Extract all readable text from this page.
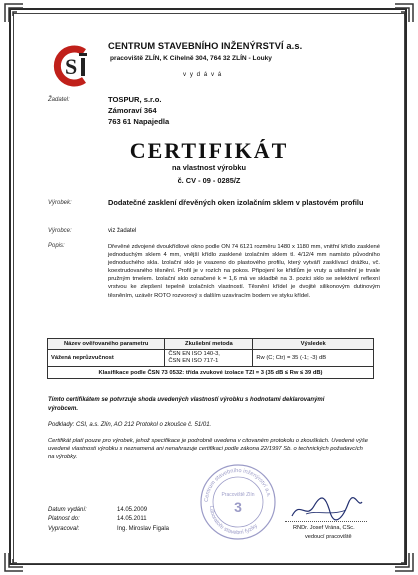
S
CENTRUM STAVEBNÍHO INŽENÝRSTVÍ a.s.
pracoviště ZLÍN, K Cihelně 304, 764 32 ZLÍN - Louky
v y d á v á
Žadatel:	TOSPUR, s.r.o.
Zámoraví 364
763 61 Napajedla
CERTIFIKÁT
na vlastnost výrobku
č. CV - 09 - 0285/Z
Výrobek:	Dodatečné zasklení dřevěných oken izolačním sklem v plastovém profilu
Výrobce:	viz žadatel
Popis:	Dřevěné zdvojené dvoukřídlové okno podle ON 74 6121 rozměru 1480 x 1180 mm, vnitřní křídlo zasklené jednoduchým sklem 4 mm, vnější křídlo zasklené izolačním sklem tl. 4/12/4 mm namísto původního jednoduchého skla. Izolační sklo je vsazeno do plastového profilu, který vytváří zasklívací drážku, vč. koextrudovaného těsnění. Profil je v rozích na pokos. Připojení ke křídlům je vruty a utěsnění je trvale pružným tmelem. Izolační sklo označené k = 1,6 má ve skladbě na 3. pozici sklo se selektivní reflexní vrstvou ke zlepšení tepelně izolačních vlastností. Těsnění křídel je dvojité silikonovým dutinovým těsněním, uzávěr ROTO rozvorový s dalším uzavíracím bodem ve styku křídel.
Název ověřovaného parametru	Zkušební metoda	Výsledek
Vážená neprůzvučnost	ČSN EN ISO 140-3,
ČSN EN ISO 717-1	Rw (C; Ctr) = 35 (-1; -3) dB
Klasifikace podle ČSN 73 0532: třída zvukové izolace TZI = 3 (35 dB ≤ Rw ≤ 39 dB)		
Tímto certifikátem se potvrzuje shoda uvedených vlastností výrobku s hodnotami deklarovanými výrobcem.
Podklady: CSI, a.s. Zlín, AO 212 Protokol o zkoušce č. 51/01.
Certifikát platí pouze pro výrobek, jehož specifikace je podrobně uvedena v citovaném protokolu o zkouškách. Uvedené výše uvedené vlastnosti výrobku s neznamená ani nenahrazuje certifikaci podle zákona 22/1997 Sb. o technických požadavcích na výrobky.
Centrum stavebního inženýrství a.s.
Laboratoře stavební fyziky
Pracoviště Zlín
3
Datum vydání:	14.05.2009
Platnost do:	14.05.2011
Vypracoval:	Ing. Miroslav Figala	RNDr. Josef Vrána, CSc.
vedoucí pracoviště
